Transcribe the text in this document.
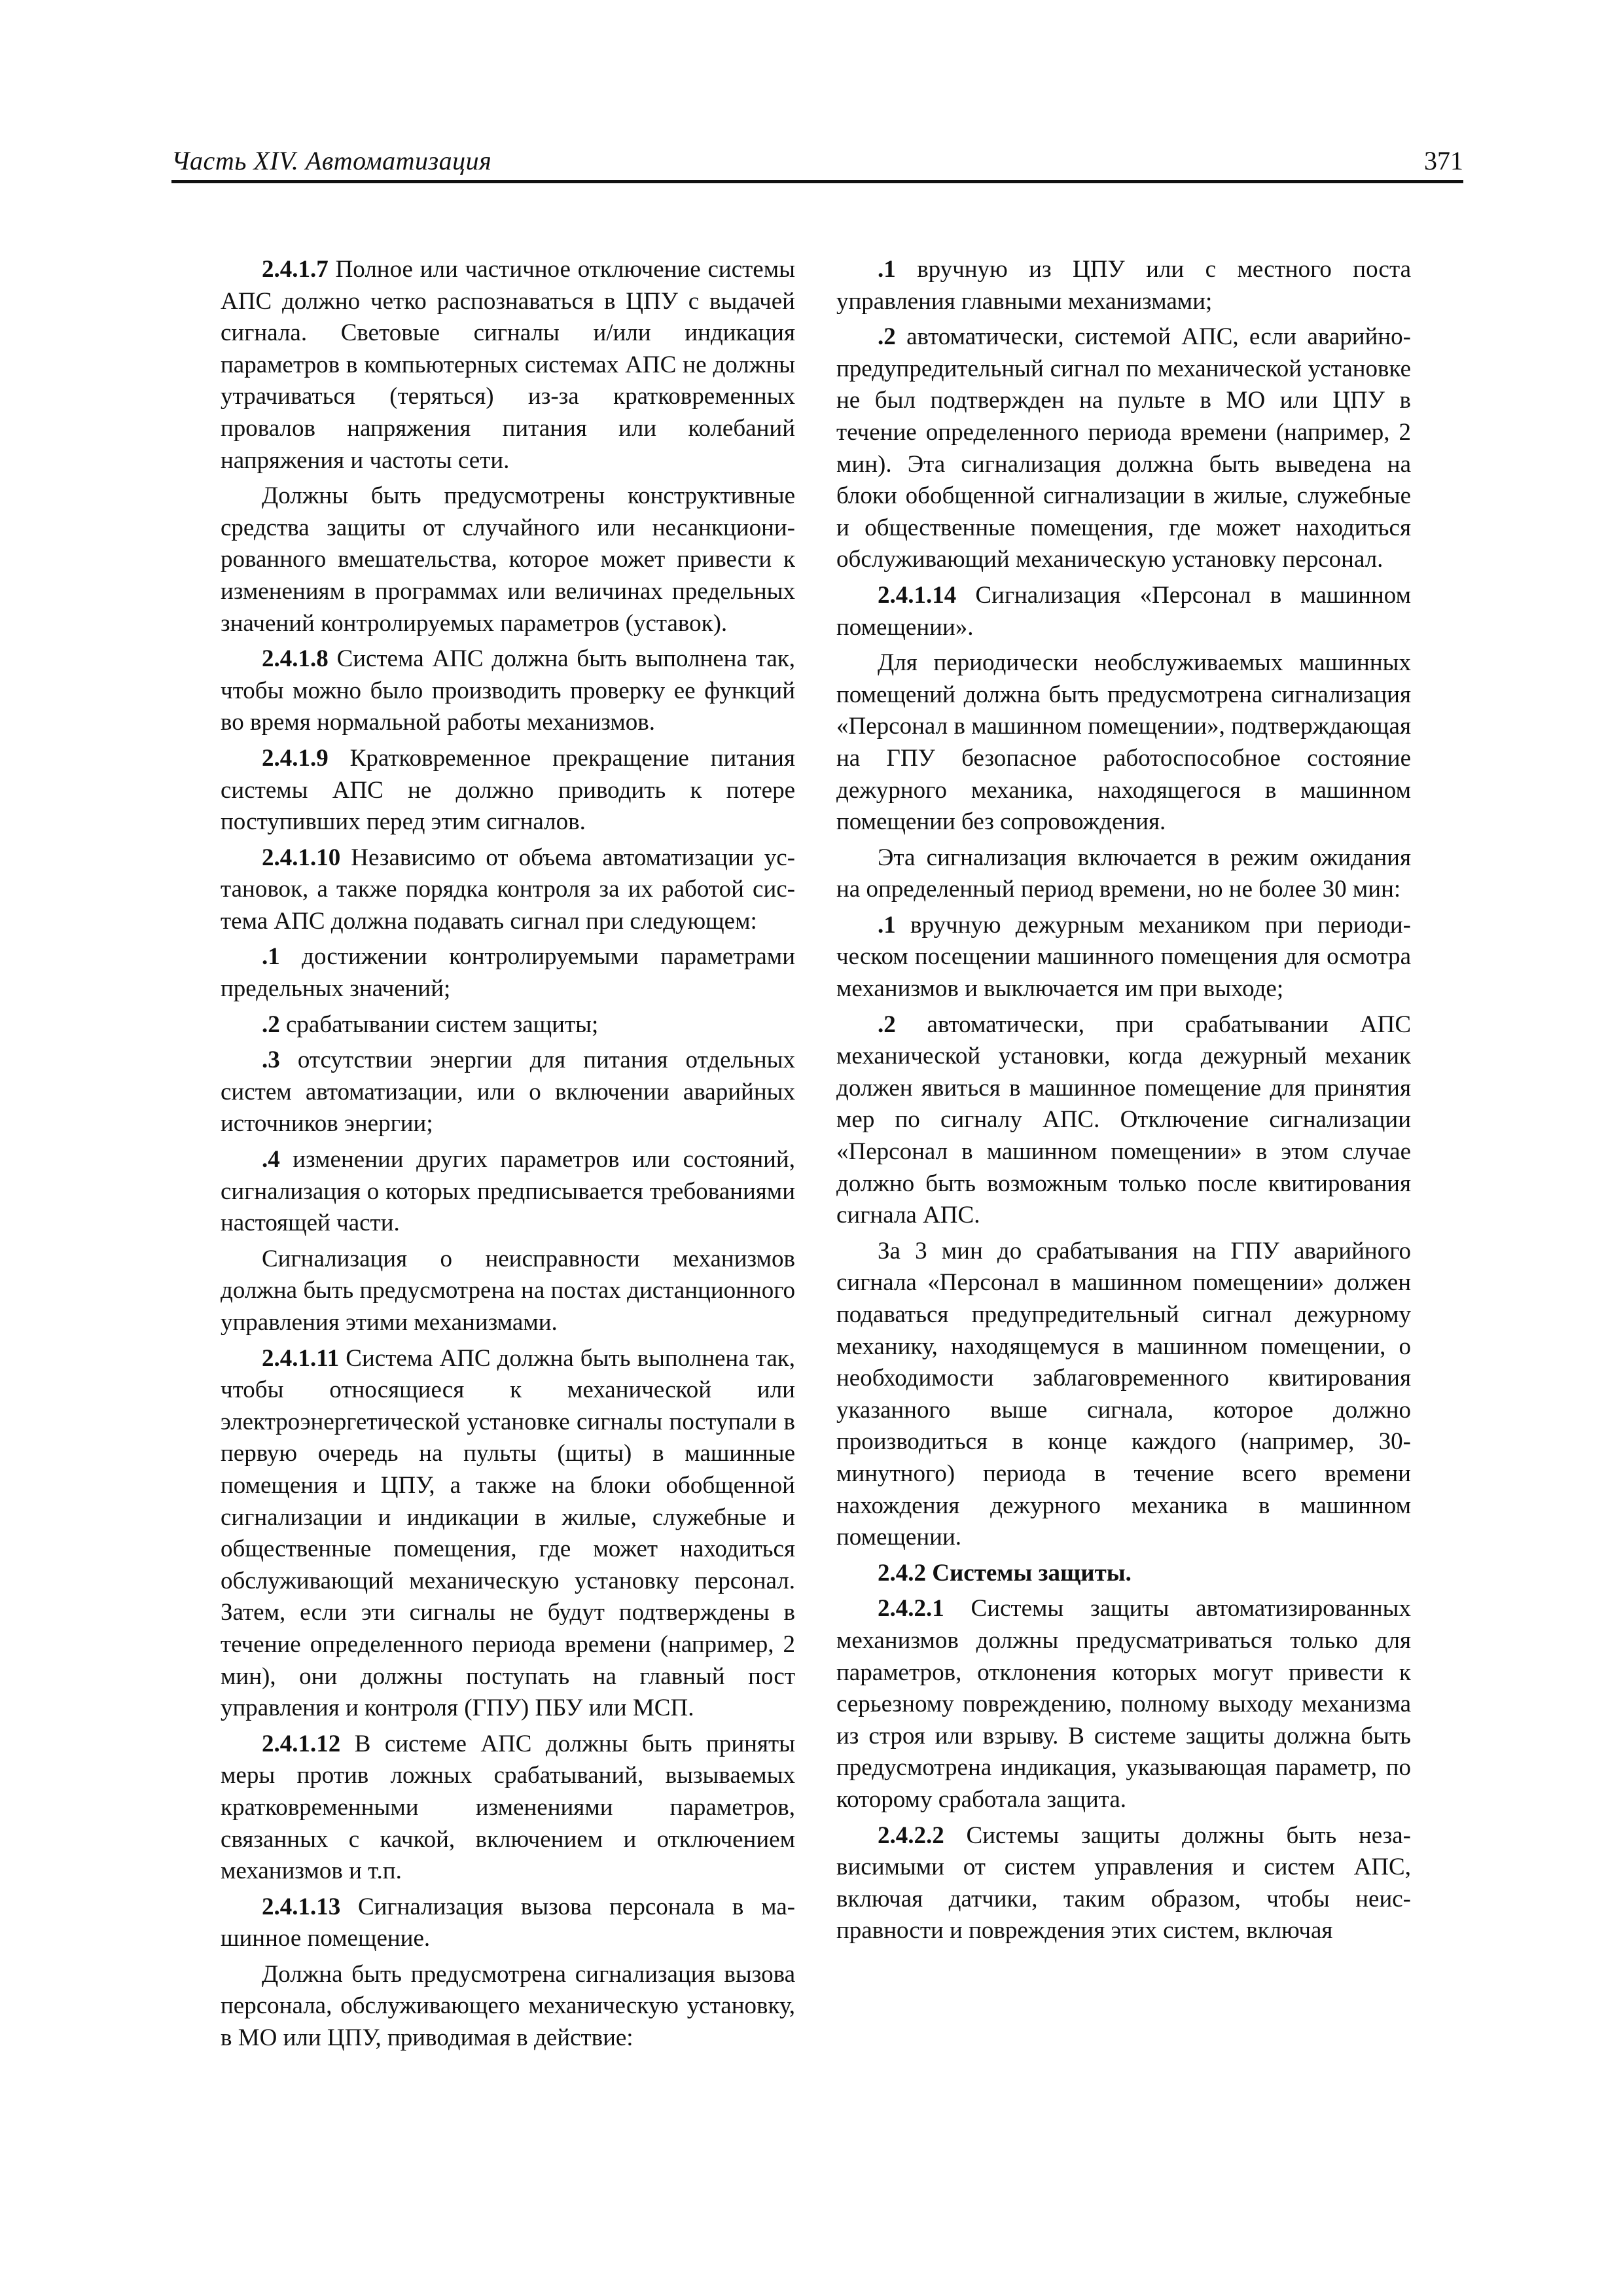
Часть XIV. Автоматизация	371

2.4.1.7 Полное или частичное отключение системы АПС должно четко распознаваться в ЦПУ с выдачей сигнала. Световые сигналы и/или индикация параметров в компьютерных системах АПС не должны утрачиваться (теряться) из-за кратковременных провалов напряжения питания или колебаний напряжения и частоты сети.

Должны быть предусмотрены конструктивные средства защиты от случайного или несанкционированного вмешательства, которое может привести к изменениям в программах или величинах предельных значений контролируемых параметров (уставок).

2.4.1.8 Система АПС должна быть выполнена так, чтобы можно было производить проверку ее функций во время нормальной работы механизмов.

2.4.1.9 Кратковременное прекращение питания системы АПС не должно приводить к потере поступивших перед этим сигналов.

2.4.1.10 Независимо от объема автоматизации установок, а также порядка контроля за их работой система АПС должна подавать сигнал при следующем:

.1 достижении контролируемыми параметрами предельных значений;

.2 срабатывании систем защиты;

.3 отсутствии энергии для питания отдельных систем автоматизации, или о включении аварийных источников энергии;

.4 изменении других параметров или состояний, сигнализация о которых предписывается требованиями настоящей части.

Сигнализация о неисправности механизмов должна быть предусмотрена на постах дистанционного управления этими механизмами.

2.4.1.11 Система АПС должна быть выполнена так, чтобы относящиеся к механической или электроэнергетической установке сигналы поступали в первую очередь на пульты (щиты) в машинные помещения и ЦПУ, а также на блоки обобщенной сигнализации и индикации в жилые, служебные и общественные помещения, где может находиться обслуживающий механическую установку персонал. Затем, если эти сигналы не будут подтверждены в течение определенного периода времени (например, 2 мин), они должны поступать на главный пост управления и контроля (ГПУ) ПБУ или МСП.

2.4.1.12 В системе АПС должны быть приняты меры против ложных срабатываний, вызываемых кратковременными изменениями параметров, связанных с качкой, включением и отключением механизмов и т.п.

2.4.1.13 Сигнализация вызова персонала в машинное помещение.

Должна быть предусмотрена сигнализация вызова персонала, обслуживающего механическую установку, в МО или ЦПУ, приводимая в действие:

.1 вручную из ЦПУ или с местного поста управления главными механизмами;

.2 автоматически, системой АПС, если аварийно-предупредительный сигнал по механической установке не был подтвержден на пульте в МО или ЦПУ в течение определенного периода времени (например, 2 мин). Эта сигнализация должна быть выведена на блоки обобщенной сигнализации в жилые, служебные и общественные помещения, где может находиться обслуживающий механическую установку персонал.

2.4.1.14 Сигнализация «Персонал в машинном помещении».

Для периодически необслуживаемых машинных помещений должна быть предусмотрена сигнализация «Персонал в машинном помещении», подтверждающая на ГПУ безопасное работоспособное состояние дежурного механика, находящегося в машинном помещении без сопровождения.

Эта сигнализация включается в режим ожидания на определенный период времени, но не более 30 мин:

.1 вручную дежурным механиком при периодическом посещении машинного помещения для осмотра механизмов и выключается им при выходе;

.2 автоматически, при срабатывании АПС механической установки, когда дежурный механик должен явиться в машинное помещение для принятия мер по сигналу АПС. Отключение сигнализации «Персонал в машинном помещении» в этом случае должно быть возможным только после квитирования сигнала АПС.

За 3 мин до срабатывания на ГПУ аварийного сигнала «Персонал в машинном помещении» должен подаваться предупредительный сигнал дежурному механику, находящемуся в машинном помещении, о необходимости заблаговременного квитирования указанного выше сигнала, которое должно производиться в конце каждого (например, 30-минутного) периода в течение всего времени нахождения дежурного механика в машинном помещении.

2.4.2 Системы защиты.

2.4.2.1 Системы защиты автоматизированных механизмов должны предусматриваться только для параметров, отклонения которых могут привести к серьезному повреждению, полному выходу механизма из строя или взрыву. В системе защиты должна быть предусмотрена индикация, указывающая параметр, по которому сработала защита.

2.4.2.2 Системы защиты должны быть независимыми от систем управления и систем АПС, включая датчики, таким образом, чтобы неисправности и повреждения этих систем, включая
